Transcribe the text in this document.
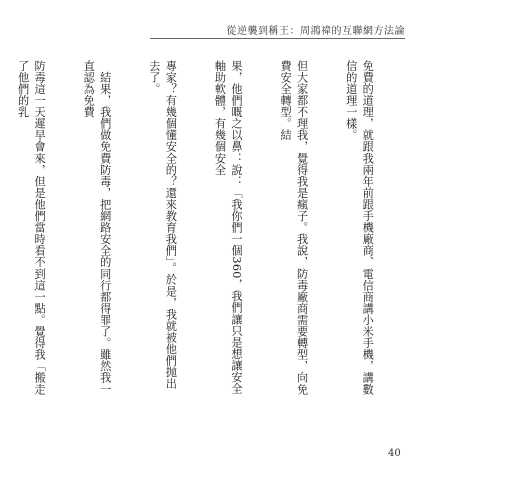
從逆襲到稱王：周鴻禕的互聯網方法論

免費的道理，就跟我兩年前跟手機廠商、電信商講小米手機，講數信的道理一樣。

但大家都不理我，覺得我是瘋子。我說，防毒廠商需要轉型，向免費安全轉型。結

果，他們嘅之以鼻：說：「我你們一個360，我們讓只是想讓安全軸助軟體，有幾個安全

專家？有幾個懂安全的？還來教育我們」。於是，我就被他們抛出去了。

　結果，我們做免費防毒，把網路安全的同行都得罪了。雖然我一直認為免費

防毒這一天遲早會來，但是他們當時看不到這一點。覺得我「搬走了他們的乳

40
